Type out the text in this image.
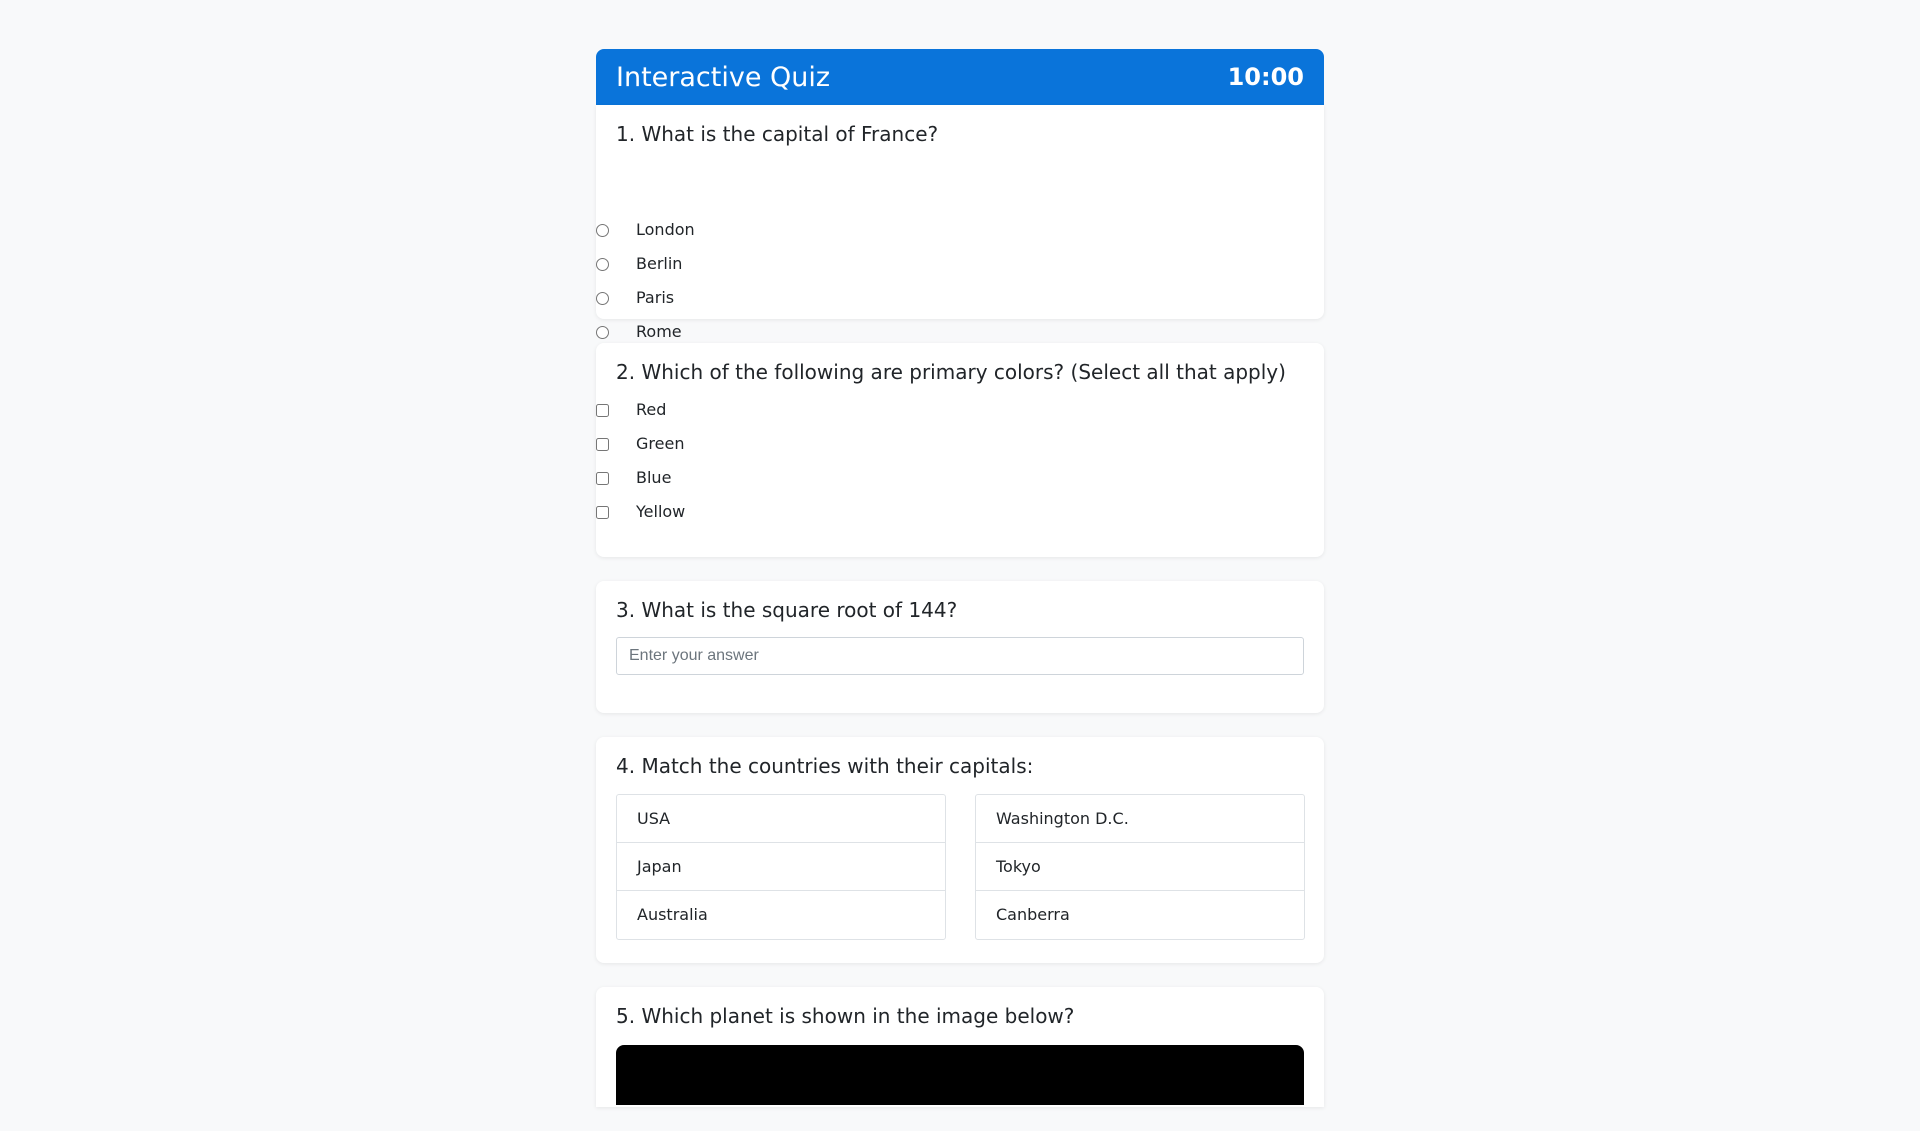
Interactive Quiz	10:00
1. What is the capital of France?
London
Berlin
Paris
Rome
2. Which of the following are primary colors? (Select all that apply)
Red
Green
Blue
Yellow
3. What is the square root of 144?
Enter your answer
4. Match the countries with their capitals:
USA
Japan
Australia
Washington D.C.
Tokyo
Canberra
5. Which planet is shown in the image below?
